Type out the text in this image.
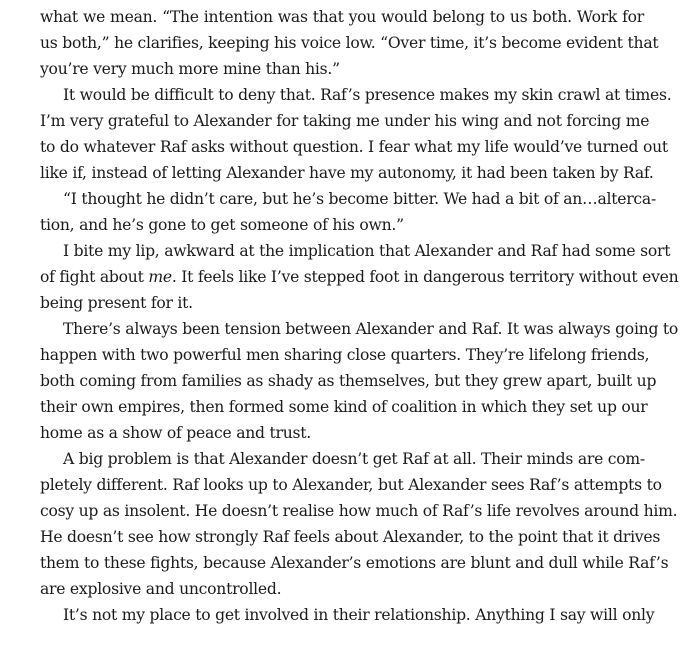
what we mean. “The intention was that you would belong to us both. Work for
us both,” he clarifies, keeping his voice low. “Over time, it’s become evident that
you’re very much more mine than his.”
It would be difficult to deny that. Raf’s presence makes my skin crawl at times.
I’m very grateful to Alexander for taking me under his wing and not forcing me
to do whatever Raf asks without question. I fear what my life would’ve turned out
like if, instead of letting Alexander have my autonomy, it had been taken by Raf.
“I thought he didn’t care, but he’s become bitter. We had a bit of an…alterca-
tion, and he’s gone to get someone of his own.”
I bite my lip, awkward at the implication that Alexander and Raf had some sort
of fight about me. It feels like I’ve stepped foot in dangerous territory without even
being present for it.
There’s always been tension between Alexander and Raf. It was always going to
happen with two powerful men sharing close quarters. They’re lifelong friends,
both coming from families as shady as themselves, but they grew apart, built up
their own empires, then formed some kind of coalition in which they set up our
home as a show of peace and trust.
A big problem is that Alexander doesn’t get Raf at all. Their minds are com-
pletely different. Raf looks up to Alexander, but Alexander sees Raf’s attempts to
cosy up as insolent. He doesn’t realise how much of Raf’s life revolves around him.
He doesn’t see how strongly Raf feels about Alexander, to the point that it drives
them to these fights, because Alexander’s emotions are blunt and dull while Raf’s
are explosive and uncontrolled.
It’s not my place to get involved in their relationship. Anything I say will only
